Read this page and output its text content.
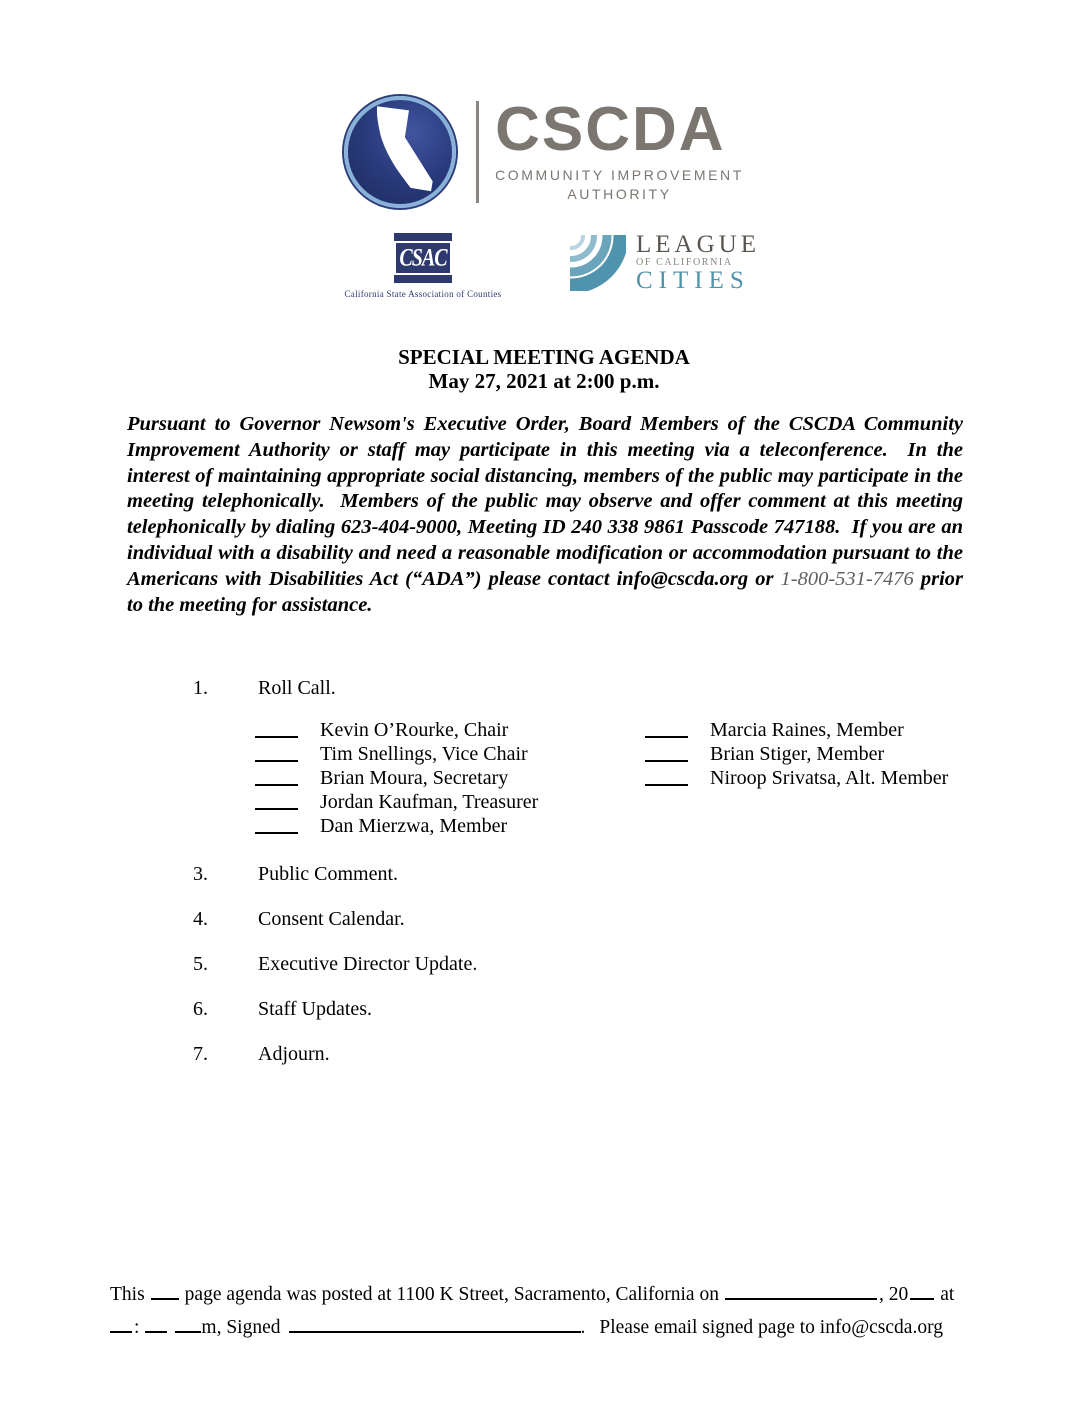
CSCDA
COMMUNITY IMPROVEMENT
AUTHORITY
CSAC
California State Association of Counties
LEAGUE
OF CALIFORNIA
CITIES
SPECIAL MEETING AGENDA
May 27, 2021 at 2:00 p.m.
Pursuant to Governor Newsom's Executive Order, Board Members of the CSCDA Community Improvement Authority or staff may participate in this meeting via a teleconference.  In the interest of maintaining appropriate social distancing, members of the public may participate in the meeting telephonically.  Members of the public may observe and offer comment at this meeting telephonically by dialing 623-404-9000, Meeting ID 240 338 9861 Passcode 747188.  If you are an individual with a disability and need a reasonable modification or accommodation pursuant to the Americans with Disabilities Act (“ADA”) please contact info@cscda.org or 1-800-531-7476 prior to the meeting for assistance.
1.	Roll Call.
Kevin O’Rourke, Chair
Tim Snellings, Vice Chair
Brian Moura, Secretary
Jordan Kaufman, Treasurer
Dan Mierzwa, Member
Marcia Raines, Member
Brian Stiger, Member
Niroop Srivatsa, Alt. Member
3.	Public Comment.
4.	Consent Calendar.
5.	Executive Director Update.
6.	Staff Updates.
7.	Adjourn.
This page agenda was posted at 1100 K Street, Sacramento, California on	, 20 at
:	m, Signed	. Please email signed page to info@cscda.org
